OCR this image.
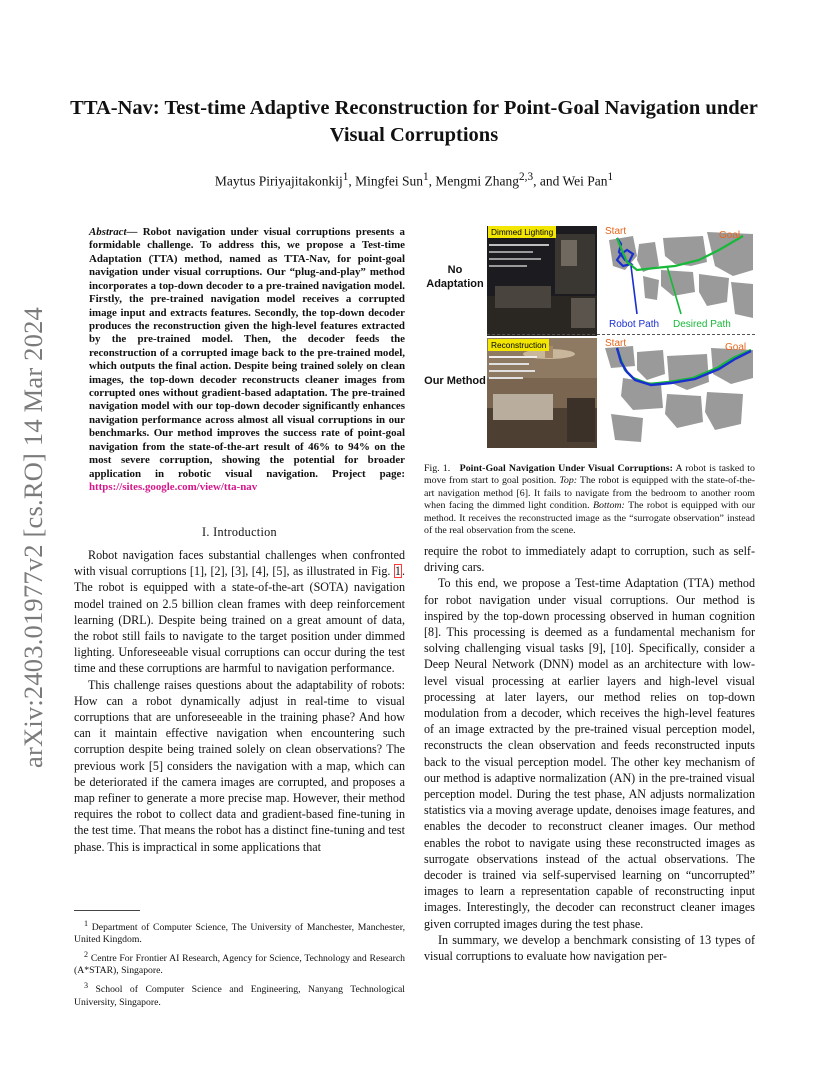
arXiv:2403.01977v2 [cs.RO] 14 Mar 2024
TTA-Nav: Test-time Adaptive Reconstruction for Point-Goal Navigation under Visual Corruptions
Maytus Piriyajitakonkij$^1$, Mingfei Sun$^1$, Mengmi Zhang$^{2,3}$, and Wei Pan$^1$
Abstract— Robot navigation under visual corruptions presents a formidable challenge. To address this, we propose a Test-time Adaptation (TTA) method, named as TTA-Nav, for point-goal navigation under visual corruptions. Our “plug-and-play” method incorporates a top-down decoder to a pre-trained navigation model. Firstly, the pre-trained navigation model receives a corrupted image input and extracts features. Secondly, the top-down decoder produces the reconstruction given the high-level features extracted by the pre-trained model. Then, the decoder feeds the reconstruction of a corrupted image back to the pre-trained model, which outputs the final action. Despite being trained solely on clean images, the top-down decoder reconstructs cleaner images from corrupted ones without gradient-based adaptation. The pre-trained navigation model with our top-down decoder significantly enhances navigation performance across almost all visual corruptions in our benchmarks. Our method improves the success rate of point-goal navigation from the state-of-the-art result of 46% to 94% on the most severe corruption, showing the potential for broader application in robotic visual navigation. Project page: https://sites.google.com/view/tta-nav
I. Introduction

Robot navigation faces substantial challenges when confronted with visual corruptions [1], [2], [3], [4], [5], as illustrated in Fig. 1. The robot is equipped with a state-of-the-art (SOTA) navigation model trained on 2.5 billion clean frames with deep reinforcement learning (DRL). Despite being trained on a great amount of data, the robot still fails to navigate to the target position under dimmed lighting. Unforeseeable visual corruptions can occur during the test time and these corruptions are harmful to navigation performance.

This challenge raises questions about the adaptability of robots: How can a robot dynamically adjust in real-time to visual corruptions that are unforeseeable in the training phase? And how can it maintain effective navigation when encountering such corruption despite being trained solely on clean observations? The previous work [5] considers the navigation with a map, which can be deteriorated if the camera images are corrupted, and proposes a map refiner to generate a more precise map. However, their method requires the robot to collect data and gradient-based fine-tuning in the test time. That means the robot has a distinct fine-tuning and test phase. This is impractical in some applications that

$^1$ Department of Computer Science, The University of Manchester, Manchester, United Kingdom.

$^2$ Centre For Frontier AI Research, Agency for Science, Technology and Research (A*STAR), Singapore.

$^3$ School of Computer Science and Engineering, Nanyang Technological University, Singapore.

No Adaptation
Our Method
Dimmed Lighting
Reconstruction
Start	Goal
Robot Path Desired Path
Start	Goal
Fig. 1. Point-Goal Navigation Under Visual Corruptions: A robot is tasked to move from start to goal position. Top: The robot is equipped with the state-of-the-art navigation method [6]. It fails to navigate from the bedroom to another room when facing the dimmed light condition. Bottom: The robot is equipped with our method. It receives the reconstructed image as the “surrogate observation” instead of the real observation from the scene.

require the robot to immediately adapt to corruption, such as self-driving cars.

To this end, we propose a Test-time Adaptation (TTA) method for robot navigation under visual corruptions. Our method is inspired by the top-down processing observed in human cognition [8]. This processing is deemed as a fundamental mechanism for solving challenging visual tasks [9], [10]. Specifically, consider a Deep Neural Network (DNN) model as an architecture with low-level visual processing at earlier layers and high-level visual processing at later layers, our method relies on top-down modulation from a decoder, which receives the high-level features of an image extracted by the pre-trained visual perception model, reconstructs the clean observation and feeds reconstructed inputs back to the visual perception model. The other key mechanism of our method is adaptive normalization (AN) in the pre-trained visual perception model. During the test phase, AN adjusts normalization statistics via a moving average update, denoises image features, and enables the decoder to reconstruct cleaner images. Our method enables the robot to navigate using these reconstructed images as surrogate observations instead of the actual observations. The decoder is trained via self-supervised learning on “uncorrupted” images to learn a representation capable of reconstructing input images. Interestingly, the decoder can reconstruct cleaner images given corrupted images during the test phase.

In summary, we develop a benchmark consisting of 13 types of visual corruptions to evaluate how navigation per-
